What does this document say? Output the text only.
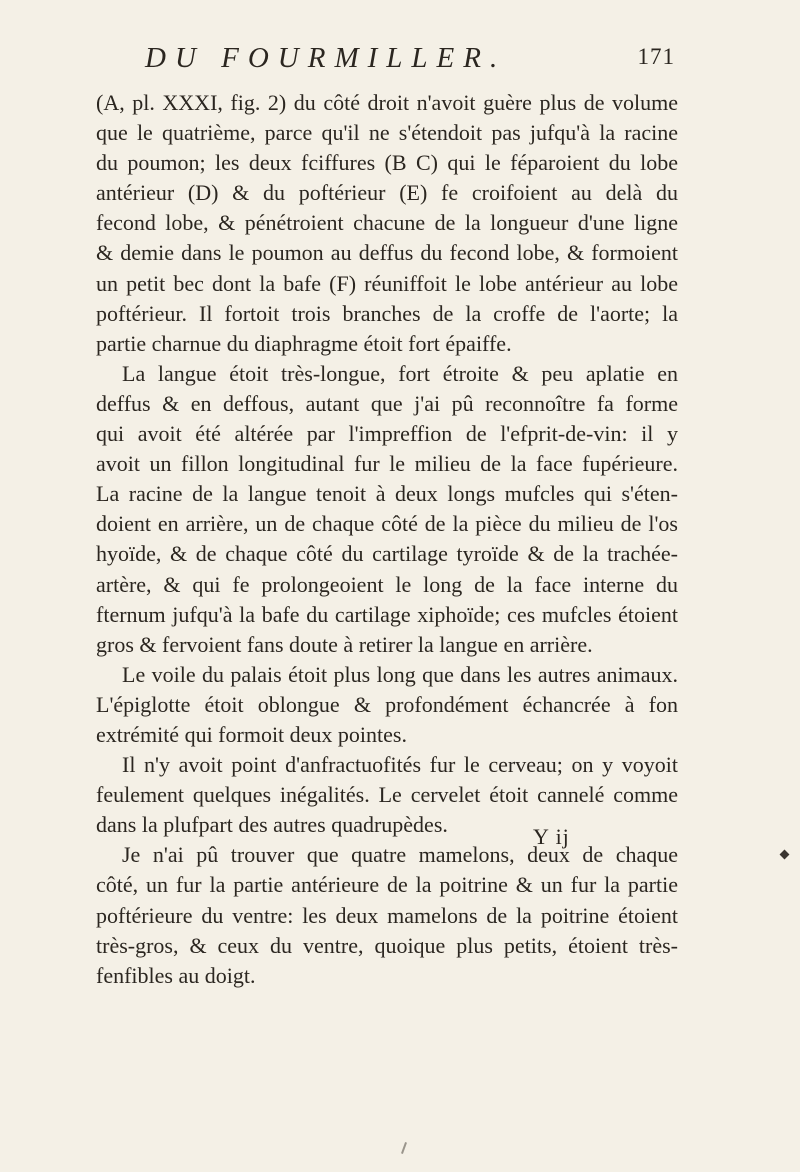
DU FOURMILLER.	171
(A, pl. XXXI, fig. 2) du côté droit n'avoit guère plus de volume
que le quatrième, parce qu'il ne s'étendoit pas jufqu'à la racine
du poumon; les deux fciffures (B C) qui le féparoient du lobe
antérieur (D) & du poftérieur (E) fe croifoient au delà du
fecond lobe, & pénétroient chacune de la longueur d'une ligne
& demie dans le poumon au deffus du fecond lobe, & formoient
un petit bec dont la bafe (F) réuniffoit le lobe antérieur au lobe
poftérieur. Il fortoit trois branches de la croffe de l'aorte; la
partie charnue du diaphragme étoit fort épaiffe.
La langue étoit très-longue, fort étroite & peu aplatie en
deffus & en deffous, autant que j'ai pû reconnoître fa forme
qui avoit été altérée par l'impreffion de l'efprit-de-vin: il y
avoit un fillon longitudinal fur le milieu de la face fupérieure.
La racine de la langue tenoit à deux longs mufcles qui s'éten-
doient en arrière, un de chaque côté de la pièce du milieu de l'os
hyoïde, & de chaque côté du cartilage tyroïde & de la trachée-
artère, & qui fe prolongeoient le long de la face interne du
fternum jufqu'à la bafe du cartilage xiphoïde; ces mufcles étoient
gros & fervoient fans doute à retirer la langue en arrière.
Le voile du palais étoit plus long que dans les autres animaux.
L'épiglotte étoit oblongue & profondément échancrée à fon
extrémité qui formoit deux pointes.
Il n'y avoit point d'anfractuofités fur le cerveau; on y voyoit
feulement quelques inégalités. Le cervelet étoit cannelé comme
dans la plufpart des autres quadrupèdes.
Je n'ai pû trouver que quatre mamelons, deux de chaque
côté, un fur la partie antérieure de la poitrine & un fur la partie
poftérieure du ventre: les deux mamelons de la poitrine étoient
très-gros, & ceux du ventre, quoique plus petits, étoient très-
fenfibles au doigt.
Y ij
